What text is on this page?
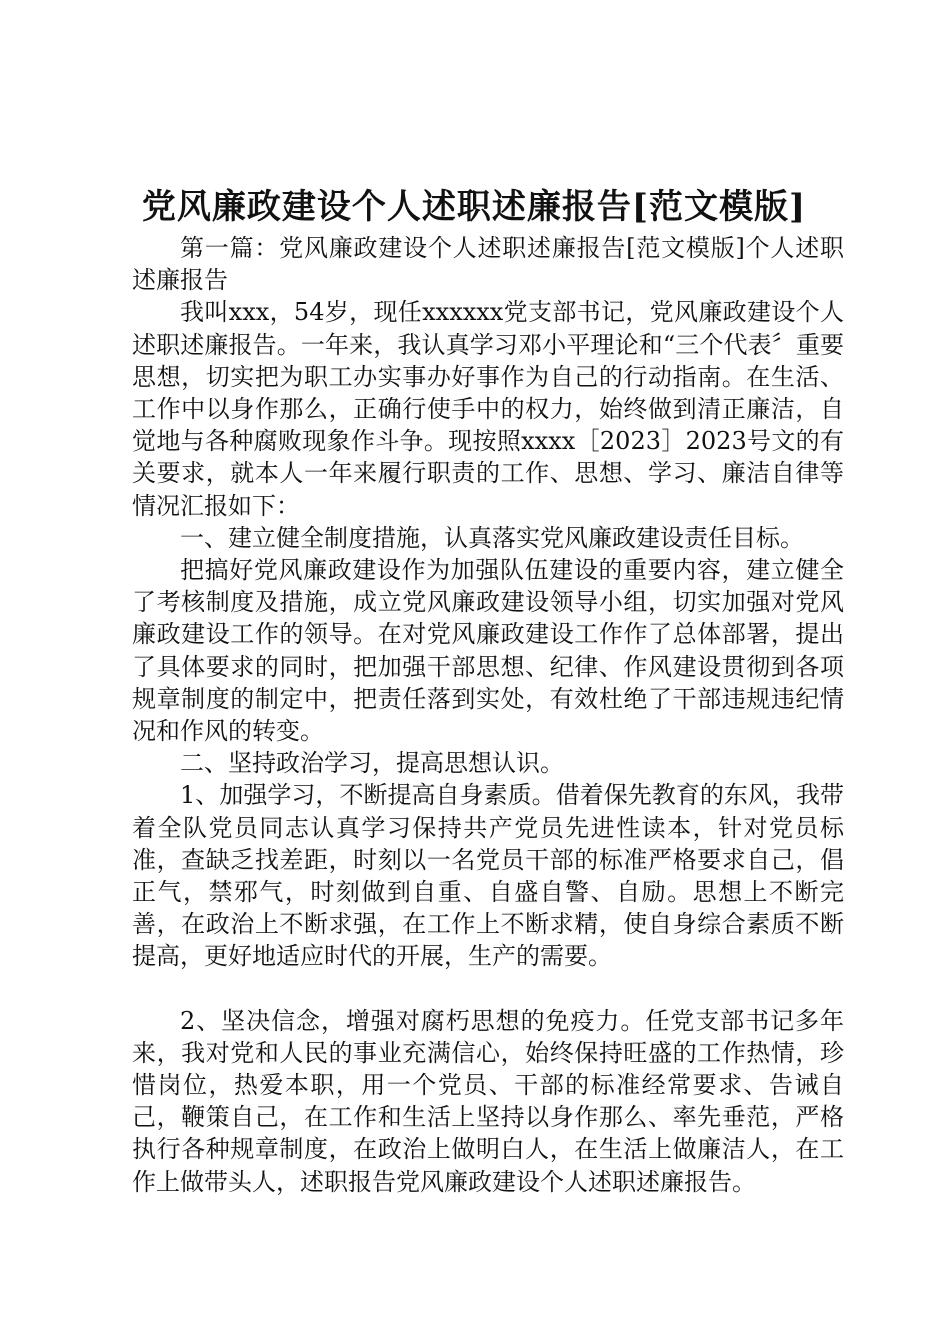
党风廉政建设个人述职述廉报告[范文模版]

第一篇：党风廉政建设个人述职述廉报告[范文模版]个人述职述廉报告

我叫xxx，54岁，现任xxxxxx党支部书记，党风廉政建设个人述职述廉报告。一年来，我认真学习邓小平理论和“三个代表〞重要思想，切实把为职工办实事办好事作为自己的行动指南。在生活、工作中以身作那么，正确行使手中的权力，始终做到清正廉洁，自觉地与各种腐败现象作斗争。现按照xxxx［2023］2023号文的有关要求，就本人一年来履行职责的工作、思想、学习、廉洁自律等情况汇报如下：

一、建立健全制度措施，认真落实党风廉政建设责任目标。

把搞好党风廉政建设作为加强队伍建设的重要内容，建立健全了考核制度及措施，成立党风廉政建设领导小组，切实加强对党风廉政建设工作的领导。在对党风廉政建设工作作了总体部署，提出了具体要求的同时，把加强干部思想、纪律、作风建设贯彻到各项规章制度的制定中，把责任落到实处，有效杜绝了干部违规违纪情况和作风的转变。

二、坚持政治学习，提高思想认识。

1、加强学习，不断提高自身素质。借着保先教育的东风，我带着全队党员同志认真学习保持共产党员先进性读本，针对党员标准，查缺乏找差距，时刻以一名党员干部的标准严格要求自己，倡正气，禁邪气，时刻做到自重、自盛自警、自励。思想上不断完善，在政治上不断求强，在工作上不断求精，使自身综合素质不断提高，更好地适应时代的开展，生产的需要。

2、坚决信念，增强对腐朽思想的免疫力。任党支部书记多年来，我对党和人民的事业充满信心，始终保持旺盛的工作热情，珍惜岗位，热爱本职，用一个党员、干部的标准经常要求、告诫自己，鞭策自己，在工作和生活上坚持以身作那么、率先垂范，严格执行各种规章制度，在政治上做明白人，在生活上做廉洁人，在工作上做带头人，述职报告党风廉政建设个人述职述廉报告。
